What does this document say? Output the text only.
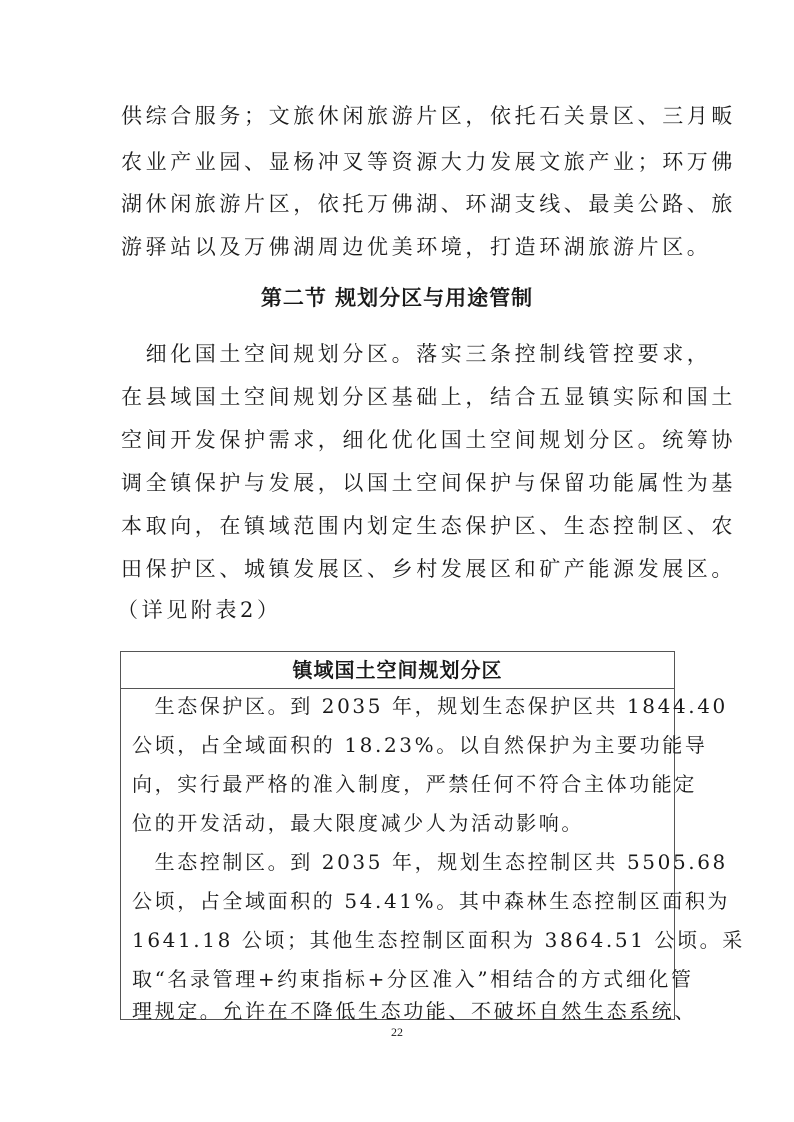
供综合服务；文旅休闲旅游片区，依托石关景区、三月畈
农业产业园、显杨冲叉等资源大力发展文旅产业；环万佛
湖休闲旅游片区，依托万佛湖、环湖支线、最美公路、旅
游驿站以及万佛湖周边优美环境，打造环湖旅游片区。
第二节 规划分区与用途管制
　细化国土空间规划分区。落实三条控制线管控要求，
在县域国土空间规划分区基础上，结合五显镇实际和国土
空间开发保护需求，细化优化国土空间规划分区。统筹协
调全镇保护与发展，以国土空间保护与保留功能属性为基
本取向，在镇域范围内划定生态保护区、生态控制区、农
田保护区、城镇发展区、乡村发展区和矿产能源发展区。
（详见附表2）
镇域国土空间规划分区
　生态保护区。到 2035 年，规划生态保护区共 1844.40
公顷，占全域面积的 18.23%。以自然保护为主要功能导
向，实行最严格的准入制度，严禁任何不符合主体功能定
位的开发活动，最大限度减少人为活动影响。
　生态控制区。到 2035 年，规划生态控制区共 5505.68
公顷，占全域面积的 54.41%。其中森林生态控制区面积为
1641.18 公顷；其他生态控制区面积为 3864.51 公顷。采
取“名录管理+约束指标+分区准入”相结合的方式细化管
理规定。允许在不降低生态功能、不破坏自然生态系统、
22
